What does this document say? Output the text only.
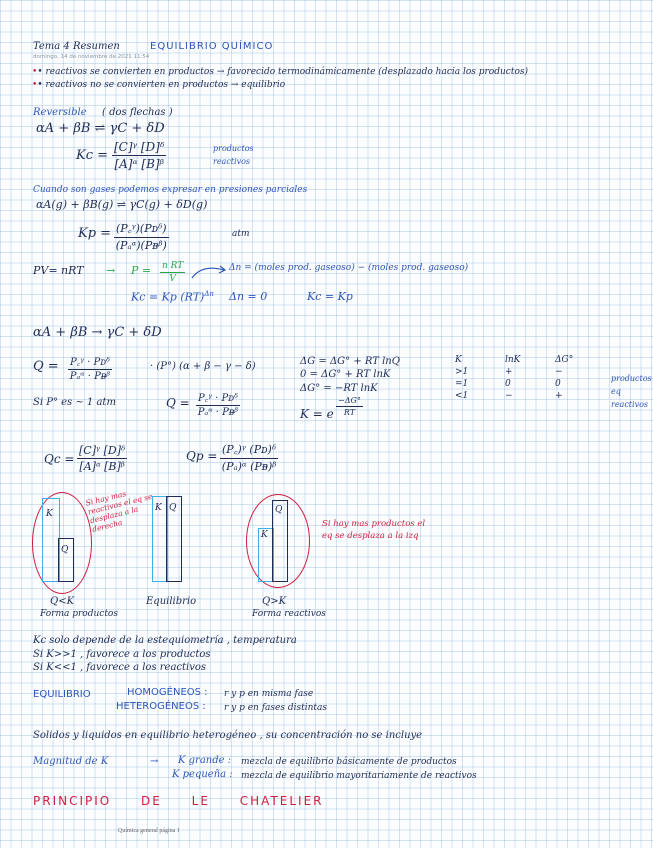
Tema 4 Resumen	EQUILIBRIO QUÍMICO
domingo, 14 de noviembre de 2021 11:54
•• reactivos se convierten en productos → favorecido termodinámicamente (desplazado hacia los productos)
•• reactivos no se convierten en productos → equilibrio
Reversible ( dos flechas )
αA + βB ⇌ γC + δD
$Kc = \frac{\text{[C]ᵞ [D]ᵟ}}{\text{[A]ᵅ [B]ᵝ}}$	productos
reactivos
Cuando son gases podemos expresar en presiones parciales
αA(g) + βB(g) ⇌ γC(g) + δD(g)
Kp = (P꜀ᵞ)(Pᴅᵟ)
(Pₐᵅ)(Pᴃᵝ)
atm
PV= nRT → $P = \frac{\text{n RT}}{V}$	Δn = (moles prod. gaseoso) − (moles prod. gaseoso)
Kc = Kp (RT)$^{\Delta n}$ Δn = 0	Kc = Kp
αA + βB → γC + δD
Q = P꜀ᵞ · Pᴅᵟ
Pₐᵅ · Pᴃᵝ
· (P°) (α + β − γ − δ)
Si P° es ~ 1 atm	Q = P꜀ᵞ · Pᴅᵟ
Pₐᵅ · Pᴃᵝ
ΔG = ΔG° + RT lnQ
0 = ΔG° + RT lnK
ΔG° = −RT lnK
K = e $\frac{-\Delta G^\circ}{RT}$
K	lnK	ΔG°
>1	+	−
=1	0	0
<1	−	+
productos
eq
reactivos
$Qc = \frac{\text{[C]ᵞ [D]ᵟ}}{\text{[A]ᵅ [B]ᵝ}}$	$Qp = \frac{\text{(P꜀)ᵞ (Pᴅ)ᵟ}}{\text{(Pₐ)ᵅ (Pᴃ)ᵝ}}$
K
Q
Si hay mas reactivos el eq se desplaza a la derecha
Q<K
Forma productos
K Q
Equilibrio
K
Q
Si hay mas productos el eq se desplaza a la izq
Q>K
Forma reactivos
Kc solo depende de la estequiometría , temperatura
Si K>>1 , favorece a los productos
Si K<<1 , favorece a los reactivos
EQUILIBRIO	HOMOGÉNEOS : r y p en misma fase
HETEROGÉNEOS : r y p en fases distintas
Solidos y liquidos en equilibrio heterogéneo , su concentración no se incluye
Magnitud de K	→ K grande : mezcla de equilibrio básicamente de productos
K pequeña : mezcla de equilibrio mayoritariamente de reactivos
PRINCIPIO DE LE CHATELIER
Química general página 1
